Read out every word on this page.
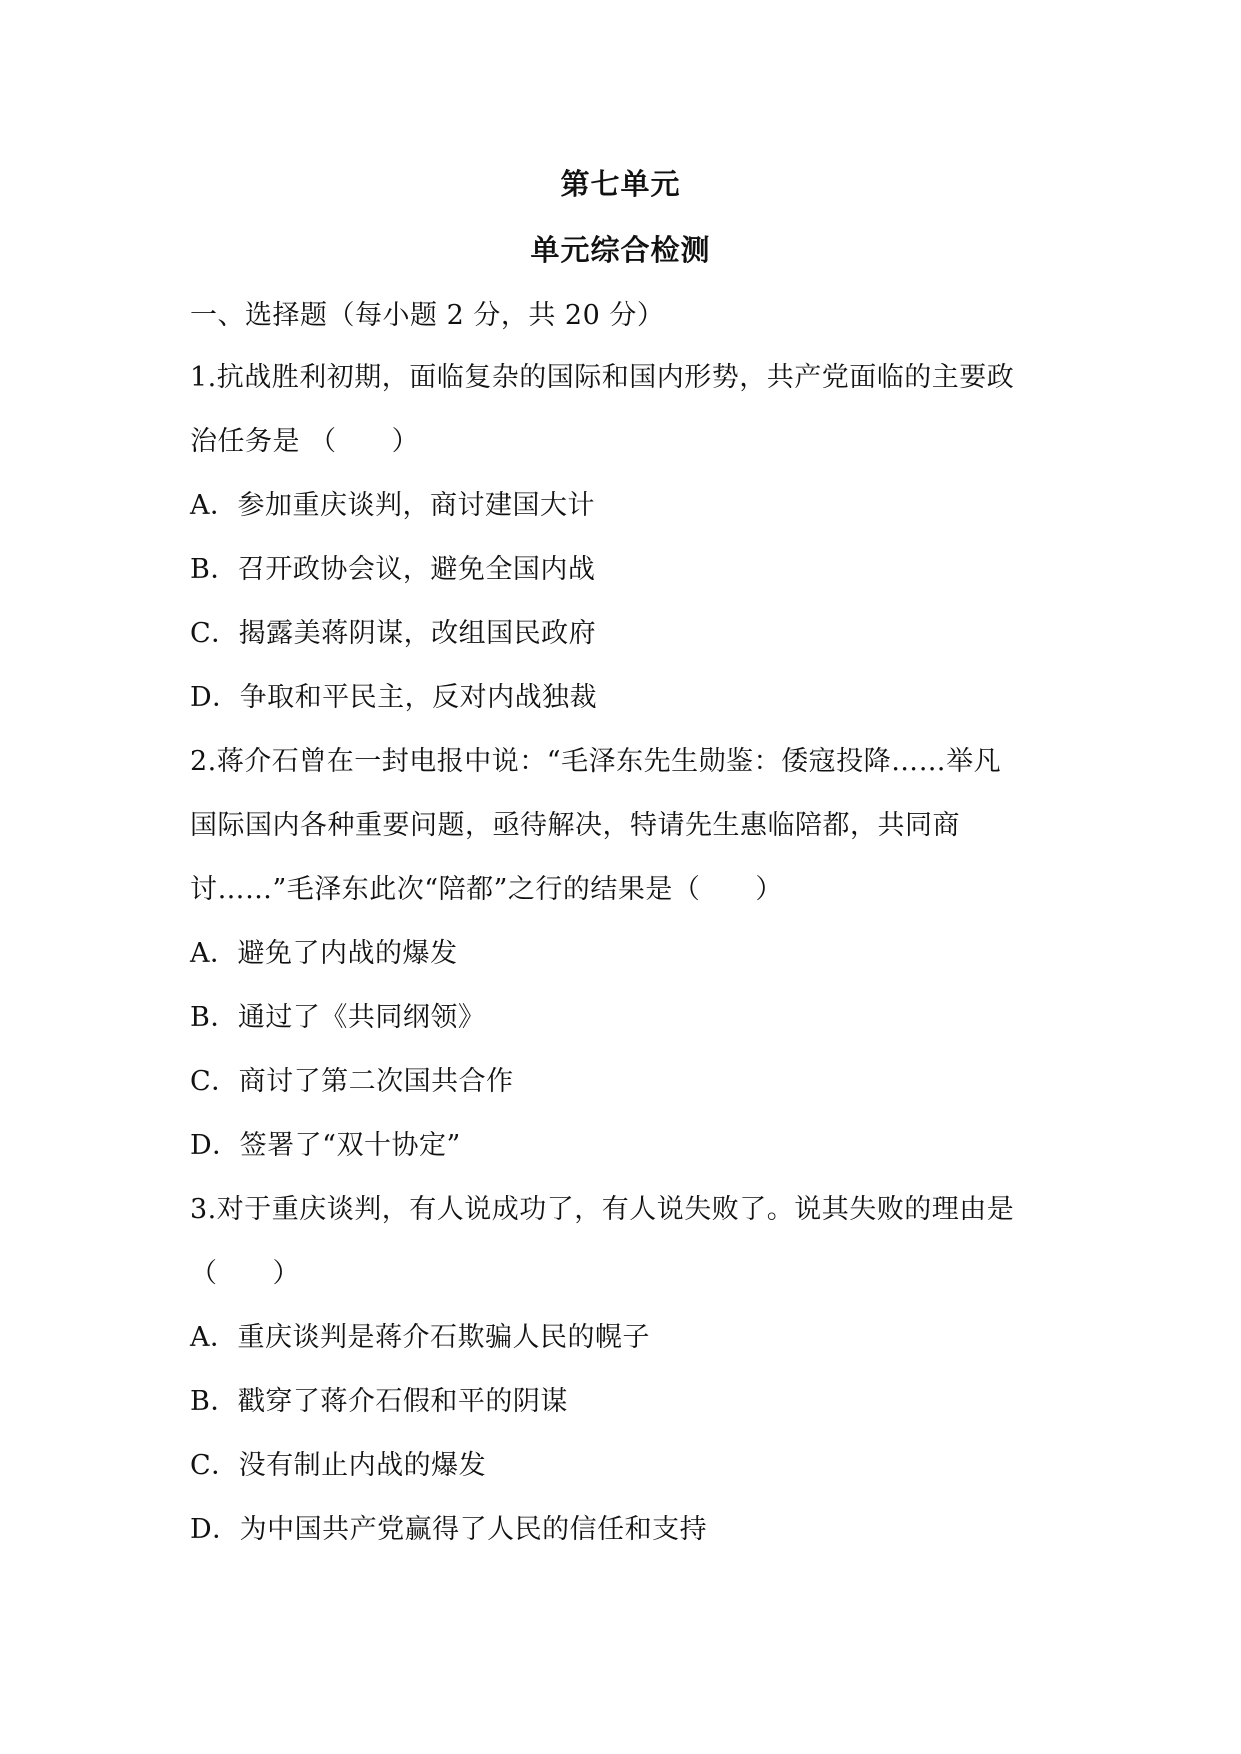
第七单元
单元综合检测
一、选择题（每小题 2 分，共 20 分）
1.抗战胜利初期，面临复杂的国际和国内形势，共产党面临的主要政
治任务是 （　　）
A．参加重庆谈判，商讨建国大计
B．召开政协会议，避免全国内战
C．揭露美蒋阴谋，改组国民政府
D．争取和平民主，反对内战独裁
2.蒋介石曾在一封电报中说：“毛泽东先生勋鉴：倭寇投降……举凡
国际国内各种重要问题，亟待解决，特请先生惠临陪都，共同商
讨……”毛泽东此次“陪都”之行的结果是（　　）
A．避免了内战的爆发
B．通过了《共同纲领》
C．商讨了第二次国共合作
D．签署了“双十协定”
3.对于重庆谈判，有人说成功了，有人说失败了。说其失败的理由是
（　　）
A．重庆谈判是蒋介石欺骗人民的幌子
B．戳穿了蒋介石假和平的阴谋
C．没有制止内战的爆发
D．为中国共产党赢得了人民的信任和支持
